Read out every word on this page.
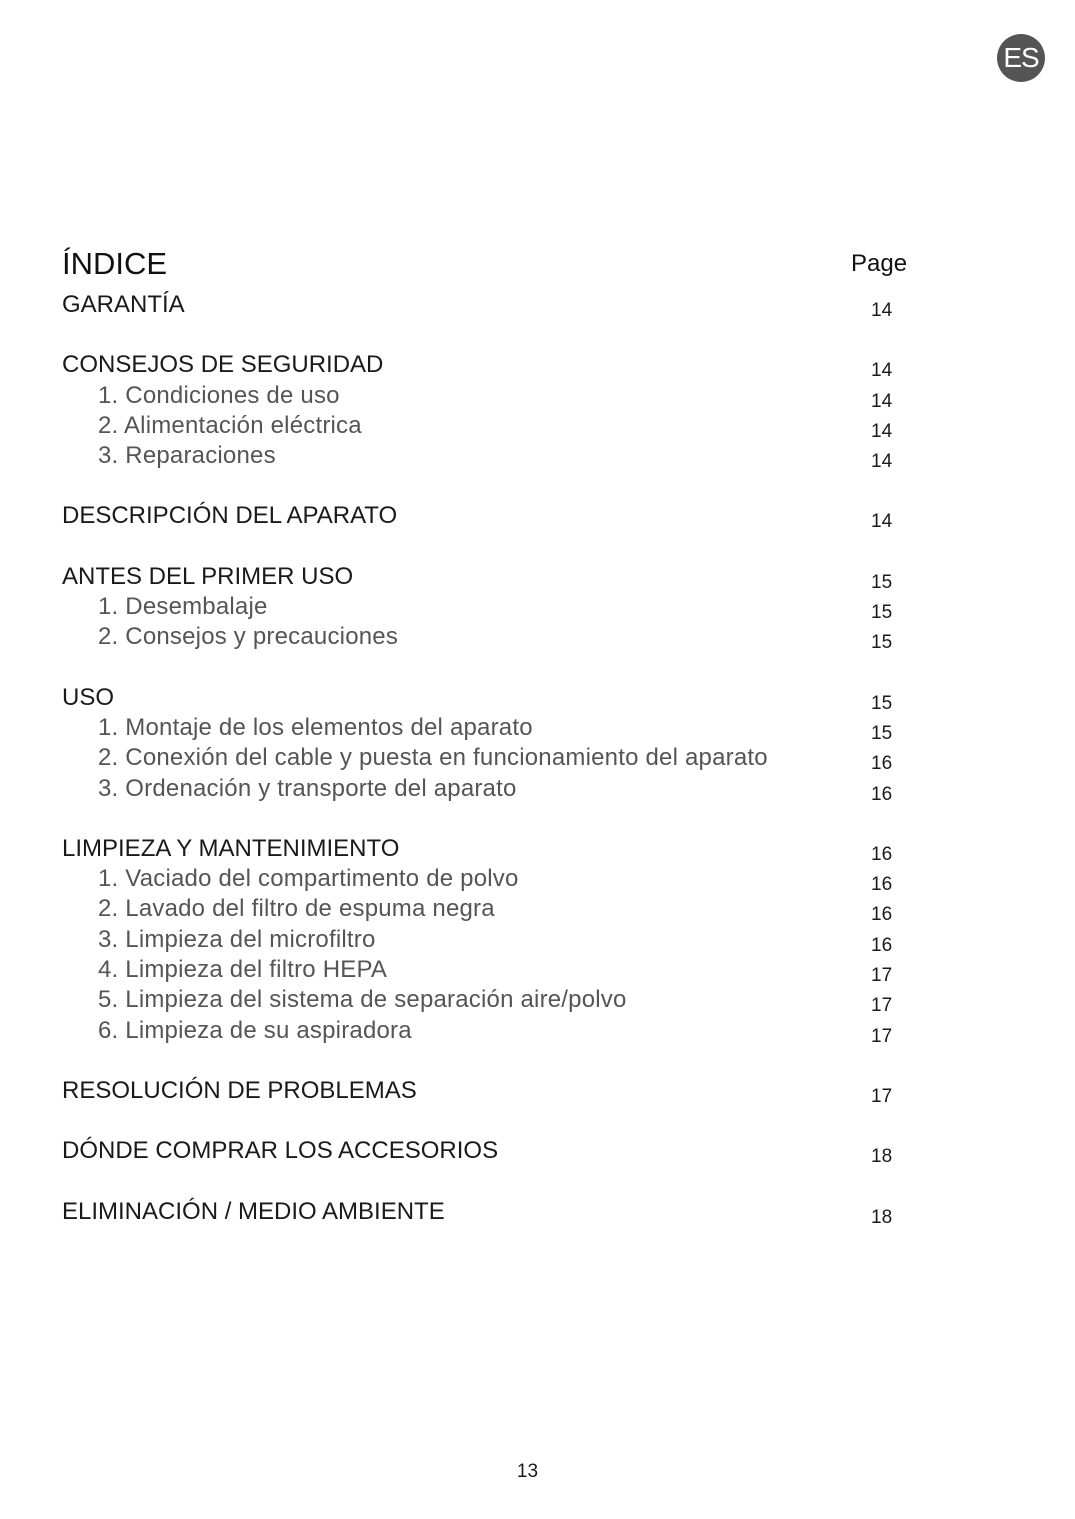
ES
ÍNDICE	Page
GARANTÍA	14
CONSEJOS DE SEGURIDAD	14
1. Condiciones de uso	14
2. Alimentación eléctrica	14
3. Reparaciones	14
DESCRIPCIÓN DEL APARATO	14
ANTES DEL PRIMER USO	15
1. Desembalaje	15
2. Consejos y precauciones	15
USO	15
1. Montaje de los elementos del aparato	15
2. Conexión del cable y puesta en funcionamiento del aparato	16
3. Ordenación y transporte del aparato	16
LIMPIEZA Y MANTENIMIENTO	16
1. Vaciado del compartimento de polvo	16
2. Lavado del filtro de espuma negra	16
3. Limpieza del microfiltro	16
4. Limpieza del filtro HEPA	17
5. Limpieza del sistema de separación aire/polvo	17
6. Limpieza de su aspiradora	17
RESOLUCIÓN DE PROBLEMAS	17
DÓNDE COMPRAR LOS ACCESORIOS	18
ELIMINACIÓN / MEDIO AMBIENTE	18
13
